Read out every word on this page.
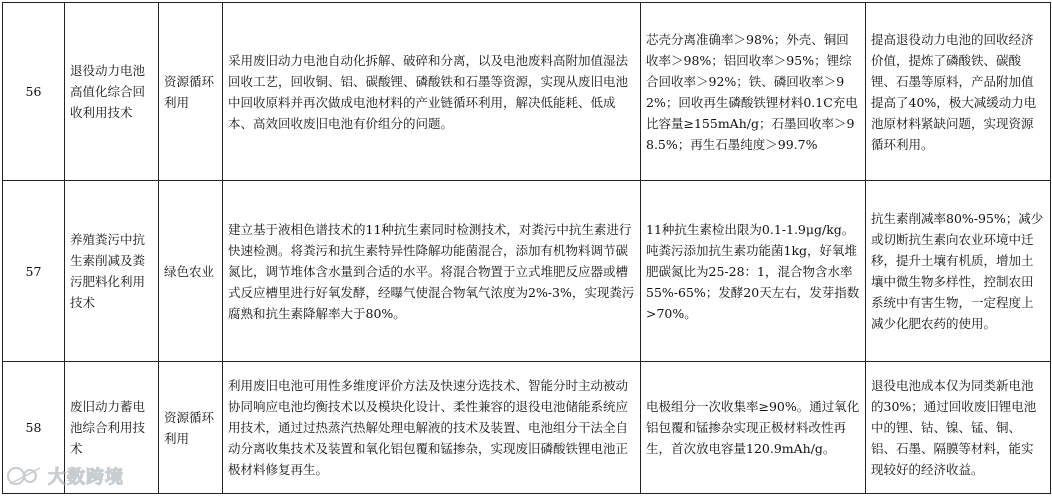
56	退役动力电池高值化综合回收利用技术	资源循环利用	采用废旧动力电池自动化拆解、破碎和分离，以及电池废料高附加值湿法回收工艺，回收铜、铝、碳酸锂、磷酸铁和石墨等资源，实现从废旧电池中回收原料并再次做成电池材料的产业链循环利用，解决低能耗、低成本、高效回收废旧电池有价组分的问题。	芯壳分离准确率＞98%；外壳、铜回收率＞98%；铝回收率＞95%；锂综合回收率＞92%；铁、磷回收率＞92%；回收再生磷酸铁锂材料0.1C充电比容量≥155mAh/g；石墨回收率＞98.5%；再生石墨纯度＞99.7%	提高退役动力电池的回收经济价值，提炼了磷酸铁、碳酸锂、石墨等原料，产品附加值提高了40%，极大减缓动力电池原材料紧缺问题，实现资源循环利用。
57	养殖粪污中抗生素削减及粪污肥料化利用技术	绿色农业	建立基于液相色谱技术的11种抗生素同时检测技术，对粪污中抗生素进行快速检测。将粪污和抗生素特异性降解功能菌混合，添加有机物料调节碳氮比，调节堆体含水量到合适的水平。将混合物置于立式堆肥反应器或槽式反应槽里进行好氧发酵，经曝气使混合物氧气浓度为2%-3%，实现粪污腐熟和抗生素降解率大于80%。	11种抗生素检出限为0.1-1.9μg/kg。吨粪污添加抗生素功能菌1kg，好氧堆肥碳氮比为25-28：1，混合物含水率55%-65%；发酵20天左右，发芽指数>70%。	抗生素削减率80%-95%；减少或切断抗生素向农业环境中迁移，提升土壤有机质，增加土壤中微生物多样性，控制农田系统中有害生物，一定程度上减少化肥农药的使用。
58	废旧动力蓄电池综合利用技术	资源循环利用	利用废旧电池可用性多维度评价方法及快速分选技术、智能分时主动被动协同响应电池均衡技术以及模块化设计、柔性兼容的退役电池储能系统应用技术，通过过热蒸汽热解处理电解液的技术及装置、电池组分干法全自动分离收集技术及装置和氧化铝包覆和锰掺杂，实现废旧磷酸铁锂电池正极材料修复再生。	电极组分一次收集率≥90%。通过氧化铝包覆和锰掺杂实现正极材料改性再生，首次放电容量120.9mAh/g。	退役电池成本仅为同类新电池的30%；通过回收废旧锂电池中的锂、钴、镍、锰、铜、铝、石墨、隔膜等材料，能实现较好的经济收益。
大数跨境
